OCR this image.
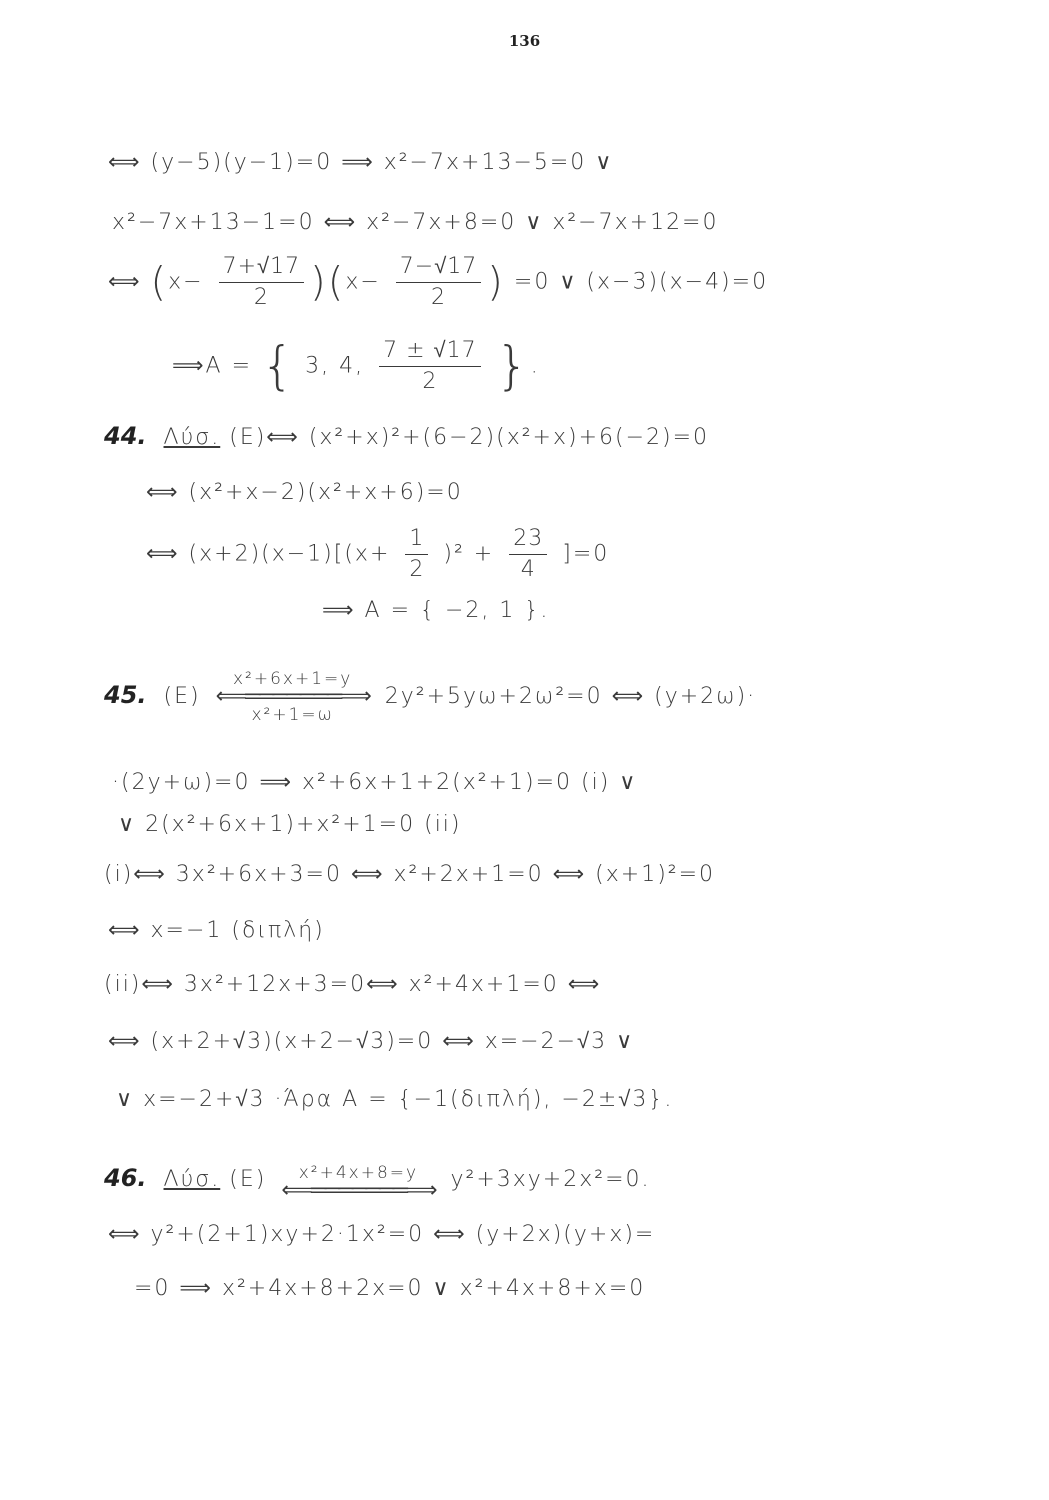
136
⟺ (y−5)(y−1)=0 ⟹ x²−7x+13−5=0 ∨
x²−7x+13−1=0 ⟺ x²−7x+8=0 ∨ x²−7x+12=0
⟺ $(x- \frac{7+√17}{2} )(x- \frac{7-√17}{2}$ ) =0 ∨ (x−3)(x−4)=0
⟹A = { 3, 4, $\frac{7 \pm √17}{2}$ }.
44. Λύσ. (E)⟺ (x²+x)²+(6−2)(x²+x)+6(−2)=0
⟺ (x²+x−2)(x²+x+6)=0
⟺ $(x+2)(x-1)[(x+ \frac{1}{2} )^2 + \frac{23}{4} ]=0$
⟹ A = { −2, 1 }.
45. (E)
x²+6x+1=y
⟸═══════⟹
x²+1=ω
2y²+5yω+2ω²=0 ⟺ (y+2ω)·
·(2y+ω)=0 ⟹ x²+6x+1+2(x²+1)=0 (i) ∨
∨ 2(x²+6x+1)+x²+1=0 (ii)
(i)⟺ 3x²+6x+3=0 ⟺ x²+2x+1=0 ⟺ (x+1)²=0
⟺ x=−1 (διπλή)
(ii)⟺ 3x²+12x+3=0⟺ x²+4x+1=0 ⟺
⟺ (x+2+√3)(x+2−√3)=0 ⟺ x=−2−√3 ∨
∨ x=−2+√3 ·Άρα A = {−1(διπλή), −2±√3}.
46. Λύσ. (E)	x²+4x+8=y
⟸═══════⟹ y²+3xy+2x²=0.
⟺ y²+(2+1)xy+2·1x²=0 ⟺ (y+2x)(y+x)=
=0 ⟹ x²+4x+8+2x=0 ∨ x²+4x+8+x=0
